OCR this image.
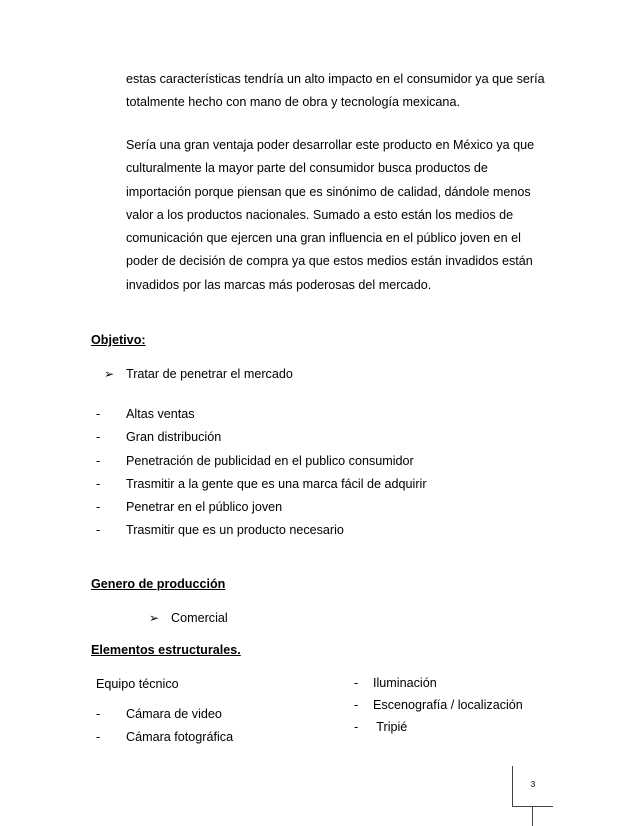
estas características tendría un alto impacto en el consumidor ya que sería
totalmente hecho con mano de obra y tecnología mexicana.
Sería una gran ventaja poder desarrollar este producto en México ya que
culturalmente la mayor parte del consumidor busca productos de
importación porque piensan que es sinónimo de calidad, dándole menos
valor a los productos nacionales. Sumado a esto están los medios de
comunicación que ejercen una gran influencia en el público joven en el
poder de decisión de compra ya que estos medios están invadidos están
invadidos por las marcas más poderosas del mercado.
Objetivo:
➢ Tratar de penetrar el mercado
- Altas ventas
- Gran distribución
- Penetración de publicidad en el publico consumidor
- Trasmitir a la gente que es una marca fácil de adquirir
- Penetrar en el público joven
- Trasmitir que es un producto necesario
Genero de producción
➢ Comercial
Elementos estructurales.
Equipo técnico
- Cámara de video
- Cámara fotográfica
- Iluminación
- Escenografía / localización
- Tripié
3
